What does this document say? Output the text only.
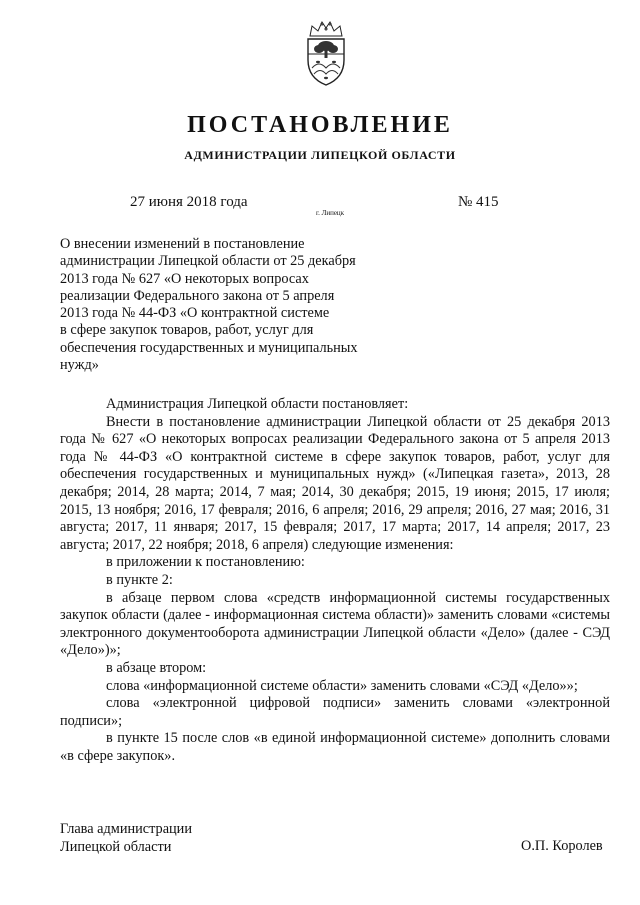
ПОСТАНОВЛЕНИЕ
АДМИНИСТРАЦИИ ЛИПЕЦКОЙ ОБЛАСТИ
27 июня 2018 года
г. Липецк
№ 415
О внесении изменений в постановление
администрации Липецкой области от 25 декабря
2013 года № 627 «О некоторых вопросах
реализации Федерального закона от 5 апреля
2013 года № 44-ФЗ «О контрактной системе
в сфере закупок товаров, работ, услуг для
обеспечения государственных и муниципальных
нужд»

Администрация Липецкой области постановляет:

Внести в постановление администрации Липецкой области от 25 декабря 2013 года № 627 «О некоторых вопросах реализации Федерального закона от 5 апреля 2013 года № 44-ФЗ «О контрактной системе в сфере закупок товаров, работ, услуг для обеспечения государственных и муниципальных нужд» («Липецкая газета», 2013, 28 декабря; 2014, 28 марта; 2014, 7 мая; 2014, 30 декабря; 2015, 19 июня; 2015, 17 июля; 2015, 13 ноября; 2016, 17 февраля; 2016, 6 апреля; 2016, 29 апреля; 2016, 27 мая; 2016, 31 августа; 2017, 11 января; 2017, 15 февраля; 2017, 17 марта; 2017, 14 апреля; 2017, 23 августа; 2017, 22 ноября; 2018, 6 апреля) следующие изменения:

в приложении к постановлению:

в пункте 2:

в абзаце первом слова «средств информационной системы государственных закупок области (далее - информационная система области)» заменить словами «системы электронного документооборота администрации Липецкой области «Дело» (далее - СЭД «Дело»)»;

в абзаце втором:

слова «информационной системе области» заменить словами «СЭД «Дело»»;

слова «электронной цифровой подписи» заменить словами «электронной подписи»;

в пункте 15 после слов «в единой информационной системе» дополнить словами «в сфере закупок».

Глава администрации
Липецкой области	О.П. Королев
